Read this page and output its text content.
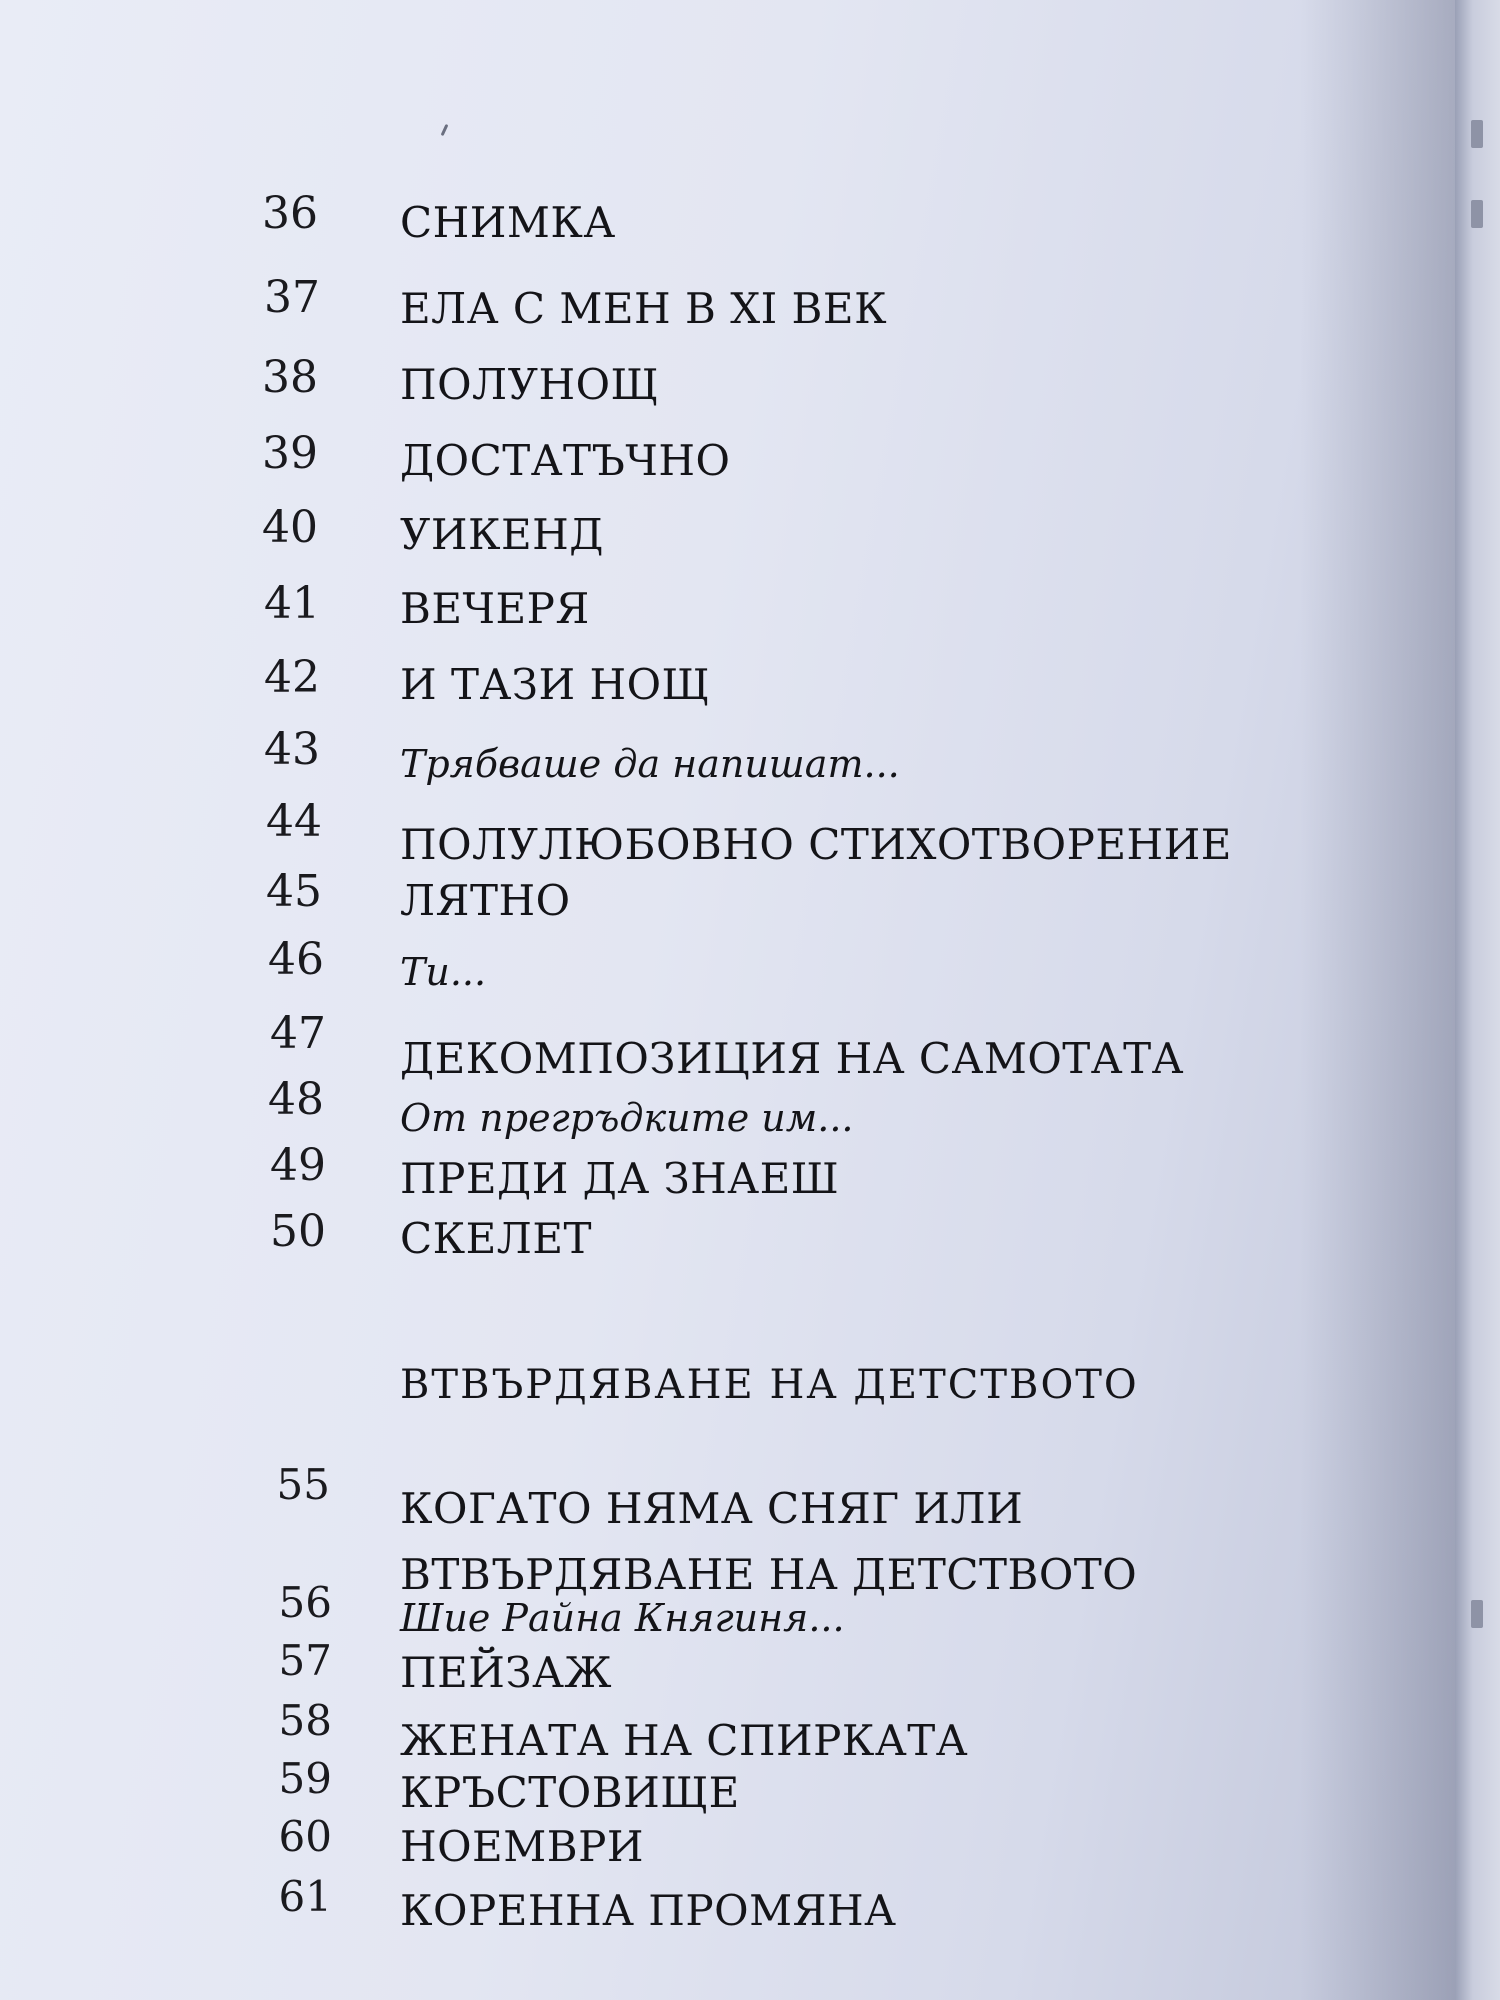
36 СНИМКА
37 ЕЛА С МЕН В XI ВЕК
38 ПОЛУНОЩ
39 ДОСТАТЪЧНО
40 УИКЕНД
41 ВЕЧЕРЯ
42 И ТАЗИ НОЩ
43 Трябваше да напишат...
44 ПОЛУЛЮБОВНО СТИХОТВОРЕНИЕ
45 ЛЯТНО
46 Ти...
47 ДЕКОМПОЗИЦИЯ НА САМОТАТА
48 От прегръдките им...
49 ПРЕДИ ДА ЗНАЕШ
50 СКЕЛЕТ
ВТВЪРДЯВАНЕ НА ДЕТСТВОТО
55 КОГАТО НЯМА СНЯГ ИЛИ
ВТВЪРДЯВАНЕ НА ДЕТСТВОТО
56 Шие Райна Княгиня...
57 ПЕЙЗАЖ
58 ЖЕНАТА НА СПИРКАТА
59 КРЪСТОВИЩЕ
60 НОЕМВРИ
61 КОРЕННА ПРОМЯНА
